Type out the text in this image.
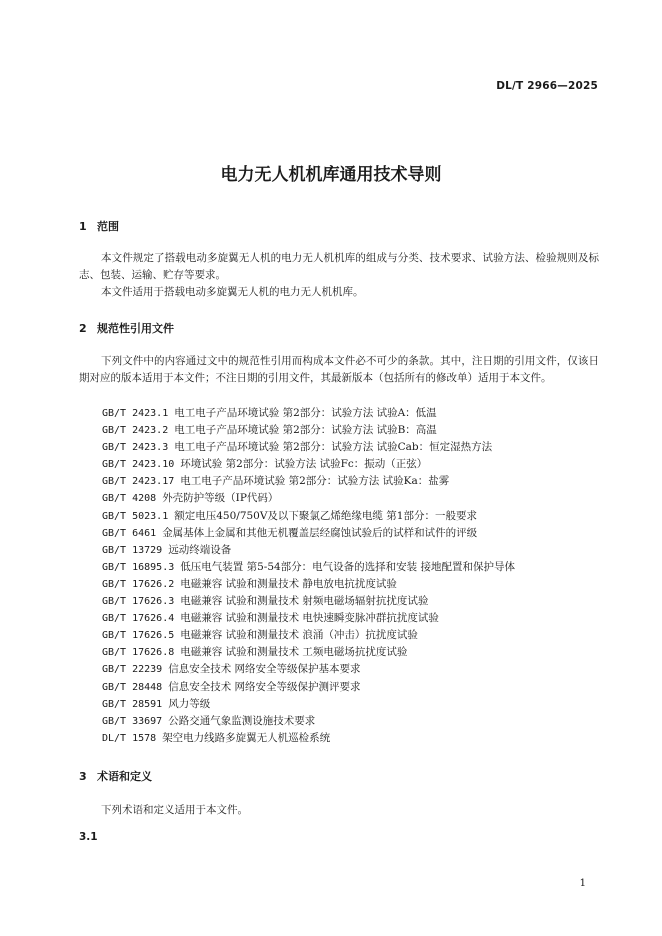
DL/T 2966—2025
电力无人机机库通用技术导则
1 范围

本文件规定了搭载电动多旋翼无人机的电力无人机机库的组成与分类、技术要求、试验方法、检验规则及标志、包装、运输、贮存等要求。

本文件适用于搭载电动多旋翼无人机的电力无人机机库。

2 规范性引用文件

下列文件中的内容通过文中的规范性引用而构成本文件必不可少的条款。其中，注日期的引用文件，仅该日期对应的版本适用于本文件；不注日期的引用文件，其最新版本（包括所有的修改单）适用于本文件。

GB/T 2423.1 电工电子产品环境试验 第2部分：试验方法 试验A：低温
GB/T 2423.2 电工电子产品环境试验 第2部分：试验方法 试验B：高温
GB/T 2423.3 电工电子产品环境试验 第2部分：试验方法 试验Cab：恒定湿热方法
GB/T 2423.10 环境试验 第2部分：试验方法 试验Fc：振动（正弦）
GB/T 2423.17 电工电子产品环境试验 第2部分：试验方法 试验Ka：盐雾
GB/T 4208 外壳防护等级（IP代码）
GB/T 5023.1 额定电压450/750V及以下聚氯乙烯绝缘电缆 第1部分：一般要求
GB/T 6461 金属基体上金属和其他无机覆盖层经腐蚀试验后的试样和试件的评级
GB/T 13729 远动终端设备
GB/T 16895.3 低压电气装置 第5-54部分：电气设备的选择和安装 接地配置和保护导体
GB/T 17626.2 电磁兼容 试验和测量技术 静电放电抗扰度试验
GB/T 17626.3 电磁兼容 试验和测量技术 射频电磁场辐射抗扰度试验
GB/T 17626.4 电磁兼容 试验和测量技术 电快速瞬变脉冲群抗扰度试验
GB/T 17626.5 电磁兼容 试验和测量技术 浪涌（冲击）抗扰度试验
GB/T 17626.8 电磁兼容 试验和测量技术 工频电磁场抗扰度试验
GB/T 22239 信息安全技术 网络安全等级保护基本要求
GB/T 28448 信息安全技术 网络安全等级保护测评要求
GB/T 28591 风力等级
GB/T 33697 公路交通气象监测设施技术要求
DL/T 1578 架空电力线路多旋翼无人机巡检系统
3 术语和定义

下列术语和定义适用于本文件。

3.1
1
